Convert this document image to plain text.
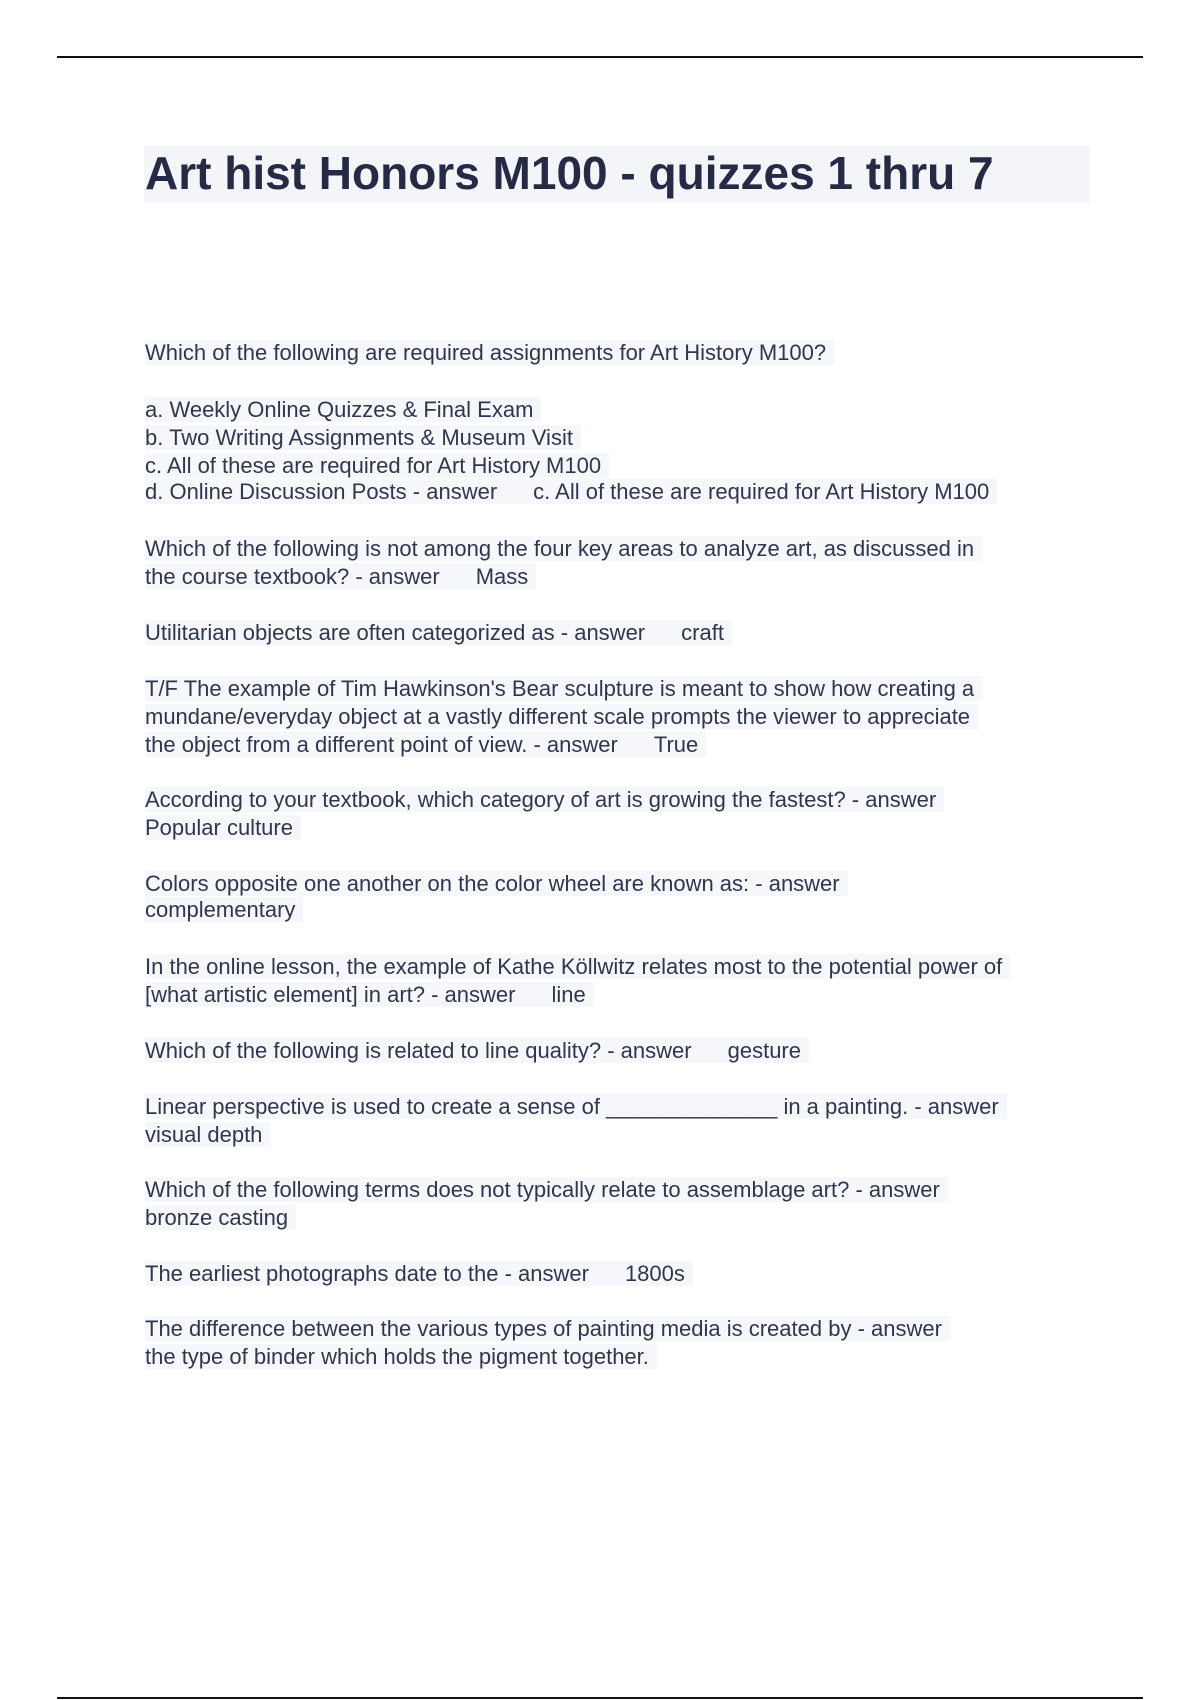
Art hist Honors M100 - quizzes 1 thru 7
Which of the following are required assignments for Art History M100?
a. Weekly Online Quizzes & Final Exam
b. Two Writing Assignments & Museum Visit
c. All of these are required for Art History M100
d. Online Discussion Posts - answer c. All of these are required for Art History M100
Which of the following is not among the four key areas to analyze art, as discussed in
the course textbook? - answer Mass
Utilitarian objects are often categorized as - answer craft
T/F The example of Tim Hawkinson's Bear sculpture is meant to show how creating a
mundane/everyday object at a vastly different scale prompts the viewer to appreciate
the object from a different point of view. - answer True
According to your textbook, which category of art is growing the fastest? - answer
Popular culture
Colors opposite one another on the color wheel are known as: - answer
complementary
In the online lesson, the example of Kathe Köllwitz relates most to the potential power of
[what artistic element] in art? - answer line
Which of the following is related to line quality? - answer gesture
Linear perspective is used to create a sense of ______________ in a painting. - answer
visual depth
Which of the following terms does not typically relate to assemblage art? - answer
bronze casting
The earliest photographs date to the - answer 1800s
The difference between the various types of painting media is created by - answer
the type of binder which holds the pigment together.
